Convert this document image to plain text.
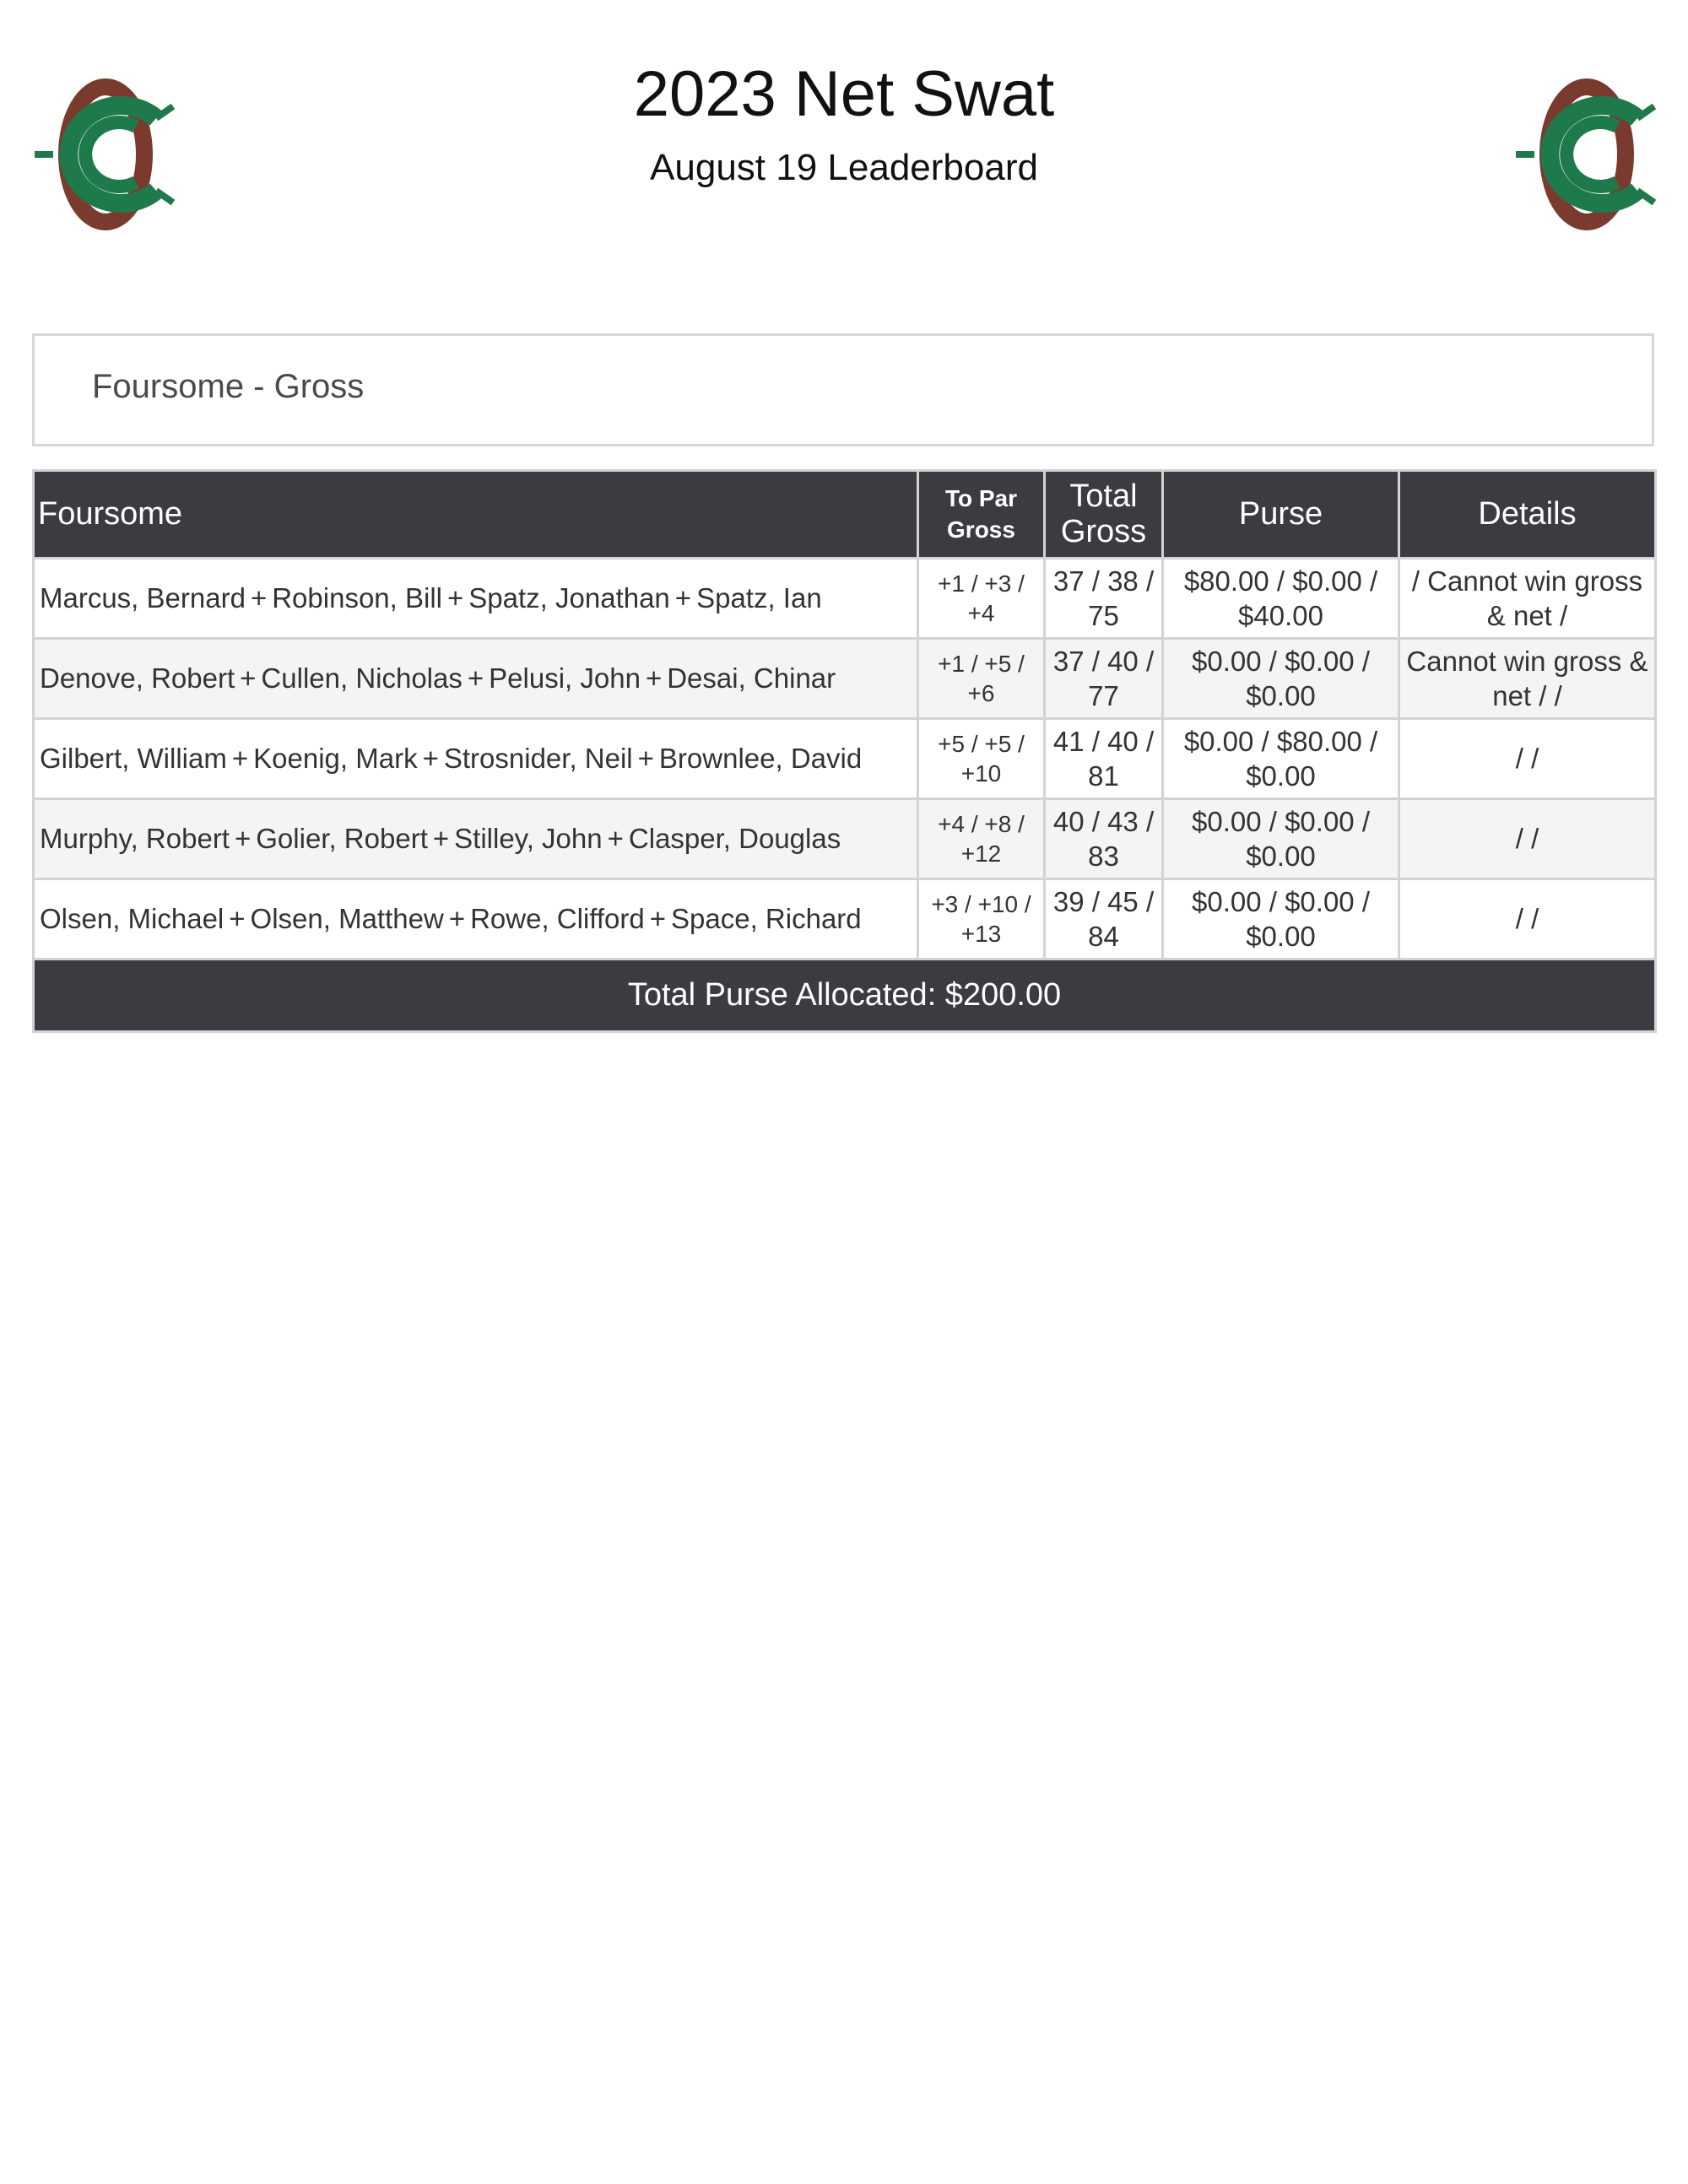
2023 Net Swat
August 19 Leaderboard
Foursome - Gross
Foursome	To Par Gross	Total Gross	Purse	Details
Marcus, Bernard + Robinson, Bill + Spatz, Jonathan + Spatz, Ian	+1 / +3 / +4	37 / 38 / 75	$80.00 / $0.00 / $40.00	/ Cannot win gross & net /
Denove, Robert + Cullen, Nicholas + Pelusi, John + Desai, Chinar	+1 / +5 / +6	37 / 40 / 77	$0.00 / $0.00 / $0.00	Cannot win gross & net / /
Gilbert, William + Koenig, Mark + Strosnider, Neil + Brownlee, David	+5 / +5 / +10	41 / 40 / 81	$0.00 / $80.00 / $0.00	/ /
Murphy, Robert + Golier, Robert + Stilley, John + Clasper, Douglas	+4 / +8 / +12	40 / 43 / 83	$0.00 / $0.00 / $0.00	/ /
Olsen, Michael + Olsen, Matthew + Rowe, Clifford + Space, Richard	+3 / +10 / +13	39 / 45 / 84	$0.00 / $0.00 / $0.00	/ /
Total Purse Allocated: $200.00				
